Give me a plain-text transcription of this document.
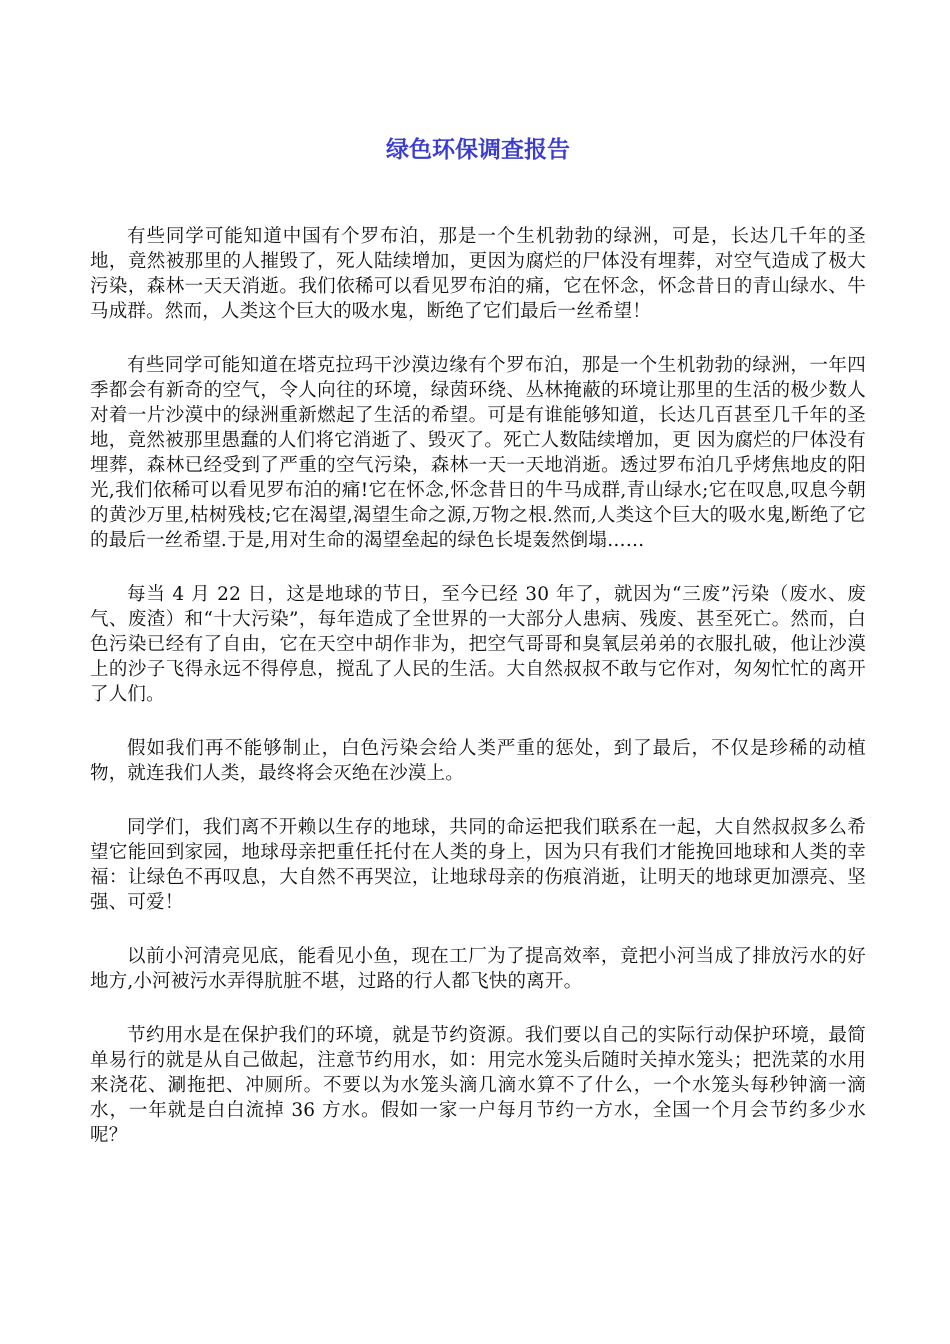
绿色环保调查报告

有些同学可能知道中国有个罗布泊，那是一个生机勃勃的绿洲，可是，长达几千年的圣地，竟然被那里的人摧毁了，死人陆续增加，更因为腐烂的尸体没有埋葬，对空气造成了极大污染，森林一天天消逝。我们依稀可以看见罗布泊的痛，它在怀念，怀念昔日的青山绿水、牛马成群。然而，人类这个巨大的吸水鬼，断绝了它们最后一丝希望！

有些同学可能知道在塔克拉玛干沙漠边缘有个罗布泊，那是一个生机勃勃的绿洲，一年四季都会有新奇的空气，令人向往的环境，绿茵环绕、丛林掩蔽的环境让那里的生活的极少数人对着一片沙漠中的绿洲重新燃起了生活的希望。可是有谁能够知道，长达几百甚至几千年的圣地，竟然被那里愚蠢的人们将它消逝了、毁灭了。死亡人数陆续增加，更 因为腐烂的尸体没有埋葬，森林已经受到了严重的空气污染，森林一天一天地消逝。透过罗布泊几乎烤焦地皮的阳光,我们依稀可以看见罗布泊的痛!它在怀念,怀念昔日的牛马成群,青山绿水;它在叹息,叹息今朝的黄沙万里,枯树残枝;它在渴望,渴望生命之源,万物之根.然而,人类这个巨大的吸水鬼,断绝了它的最后一丝希望.于是,用对生命的渴望垒起的绿色长堤轰然倒塌……

每当 4 月 22 日，这是地球的节日，至今已经 30 年了，就因为“三废”污染（废水、废气、废渣）和“十大污染”，每年造成了全世界的一大部分人患病、残废、甚至死亡。然而，白色污染已经有了自由，它在天空中胡作非为，把空气哥哥和臭氧层弟弟的衣服扎破，他让沙漠上的沙子飞得永远不得停息，搅乱了人民的生活。大自然叔叔不敢与它作对，匆匆忙忙的离开了人们。

假如我们再不能够制止，白色污染会给人类严重的惩处，到了最后，不仅是珍稀的动植物，就连我们人类，最终将会灭绝在沙漠上。

同学们，我们离不开赖以生存的地球，共同的命运把我们联系在一起，大自然叔叔多么希望它能回到家园，地球母亲把重任托付在人类的身上，因为只有我们才能挽回地球和人类的幸福：让绿色不再叹息，大自然不再哭泣，让地球母亲的伤痕消逝，让明天的地球更加漂亮、坚强、可爱！

以前小河清亮见底，能看见小鱼，现在工厂为了提高效率，竟把小河当成了排放污水的好地方,小河被污水弄得肮脏不堪，过路的行人都飞快的离开。

节约用水是在保护我们的环境，就是节约资源。我们要以自己的实际行动保护环境，最简单易行的就是从自己做起，注意节约用水，如：用完水笼头后随时关掉水笼头；把洗菜的水用来浇花、涮拖把、冲厕所。不要以为水笼头滴几滴水算不了什么，一个水笼头每秒钟滴一滴水，一年就是白白流掉 36 方水。假如一家一户每月节约一方水，全国一个月会节约多少水呢？
